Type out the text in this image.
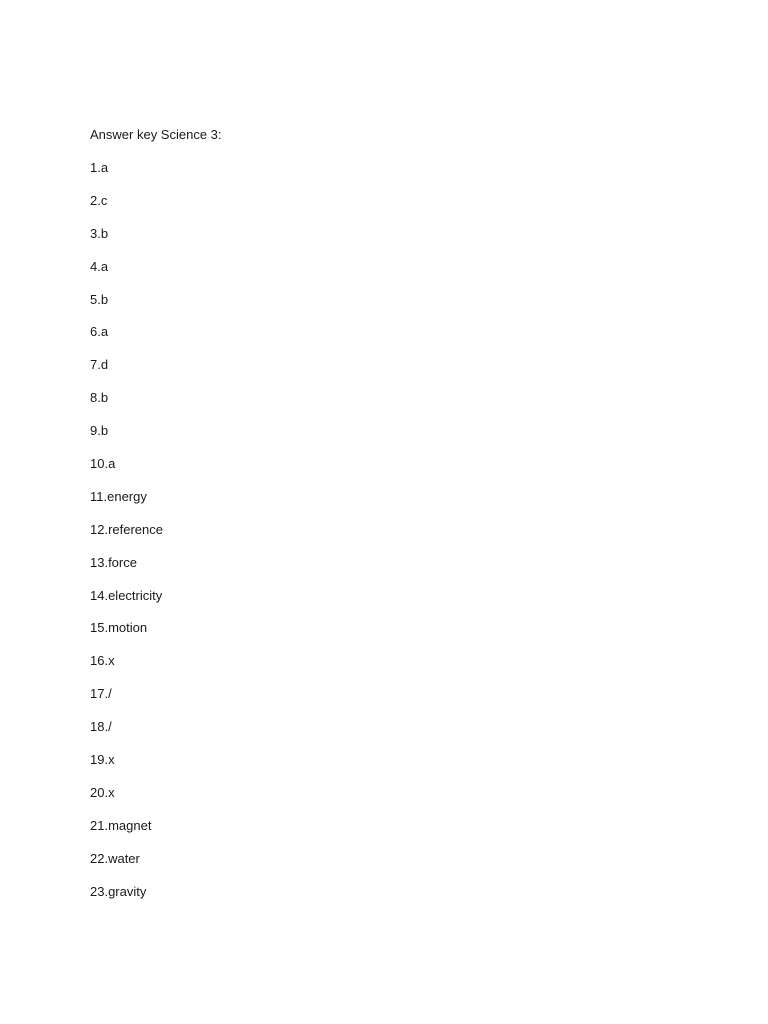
Answer key Science 3:
1.a
2.c
3.b
4.a
5.b
6.a
7.d
8.b
9.b
10.a
11.energy
12.reference
13.force
14.electricity
15.motion
16.x
17./
18./
19.x
20.x
21.magnet
22.water
23.gravity
